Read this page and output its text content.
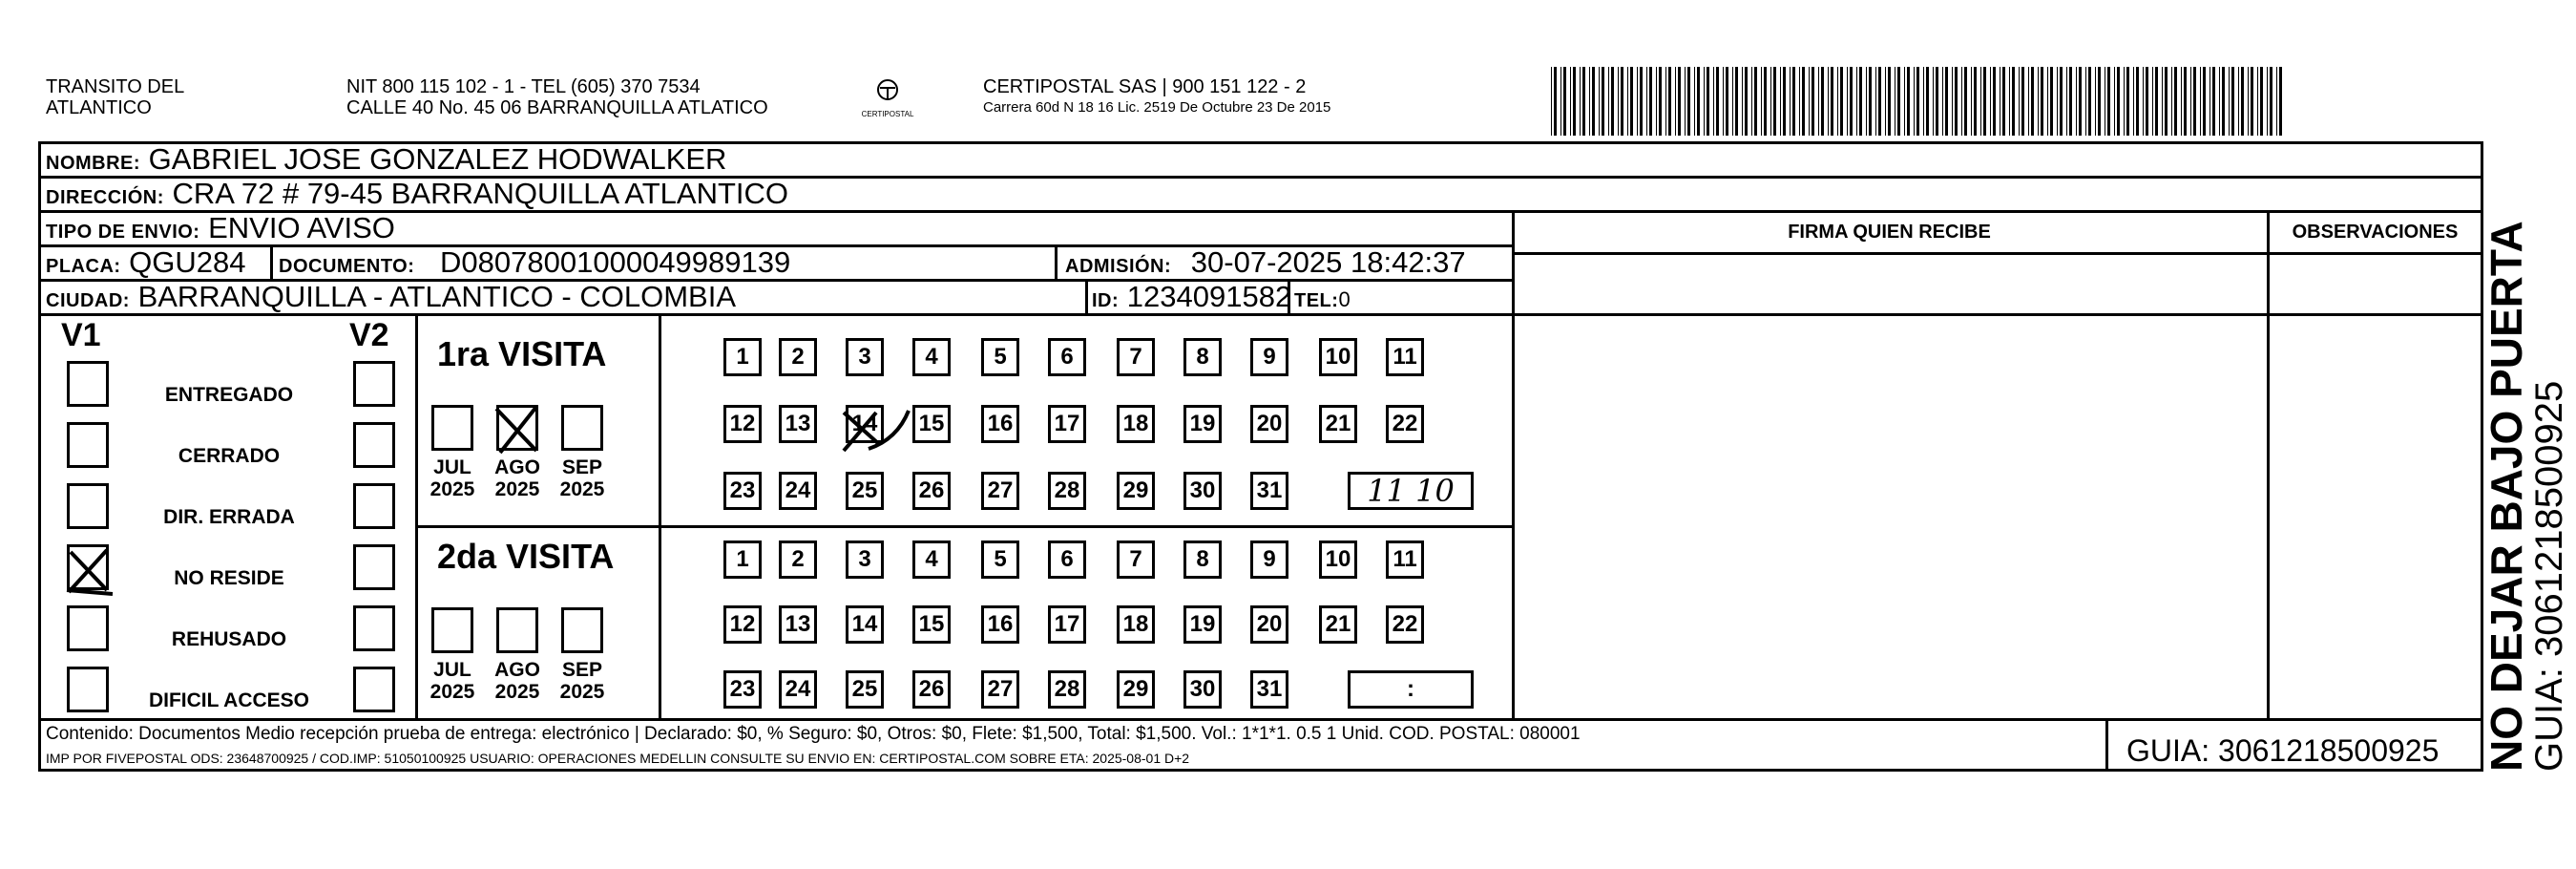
TRANSITO DEL
ATLANTICO
NIT 800 115 102 - 1 - TEL (605) 370 7534
CALLE 40 No. 45 06 BARRANQUILLA ATLATICO	CERTIPOSTAL
CERTIPOSTAL SAS | 900 151 122 - 2
Carrera 60d N 18 16 Lic. 2519 De Octubre 23 De 2015
NOMBRE: GABRIEL JOSE GONZALEZ HODWALKER
DIRECCIÓN: CRA 72 # 79-45 BARRANQUILLA ATLANTICO
TIPO DE ENVIO: ENVIO AVISO	FIRMA QUIEN RECIBE	OBSERVACIONES
PLACA: QGU284 DOCUMENTO: D08078001000049989139	ADMISIÓN: 30-07-2025 18:42:37
CIUDAD: BARRANQUILLA - ATLANTICO - COLOMBIA	ID: 1234091582 TEL:0
V1	V2
ENTREGADO
CERRADO
DIR. ERRADA
NO RESIDE
REHUSADO
DIFICIL ACCESO
1ra VISITA
2da VISITA
JUL
2025
AGO
2025
SEP
2025
JUL
2025
AGO
2025
SEP
2025
1	2	3	4	5	6	7	8	9	10	11
12 13 14 15 16 17 18 19 20 21 22
23 24 25 26 27 28 29 30 31	11 10
1	2	3	4	5	6	7	8	9	10	11
12 13 14 15 16 17 18 19 20 21 22
23 24 25 26 27 28 29 30 31	:
Contenido: Documentos Medio recepción prueba de entrega: electrónico | Declarado: $0, % Seguro: $0, Otros: $0, Flete: $1,500, Total: $1,500. Vol.: 1*1*1. 0.5 1 Unid. COD. POSTAL: 080001
IMP POR FIVEPOSTAL ODS: 23648700925 / COD.IMP: 51050100925 USUARIO: OPERACIONES MEDELLIN CONSULTE SU ENVIO EN: CERTIPOSTAL.COM SOBRE ETA: 2025-08-01 D+2	GUIA: 3061218500925 NO DEJAR BAJO PUERTA
GUIA: 3061218500925
